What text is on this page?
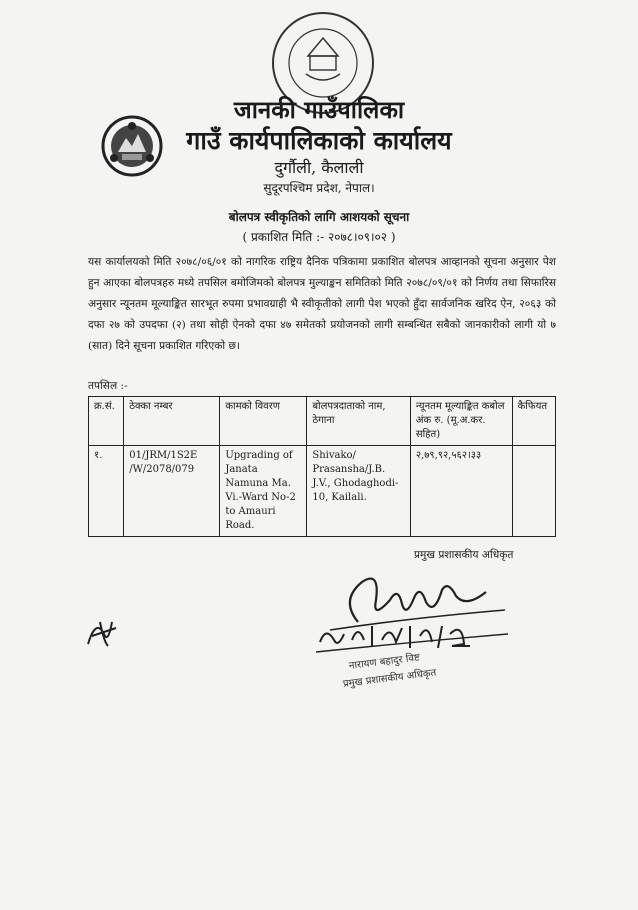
जानकी गाउँपालिका
गाउँ कार्यपालिकाको कार्यालय
दुर्गौली, कैलाली
सुदूरपश्चिम प्रदेश, नेपाल।
बोलपत्र स्वीकृतिको लागि आशयको सूचना
( प्रकाशित मिति :- २०७८।०९।०२ )
यस कार्यालयको मिति २०७८/०६/०१ को नागरिक राष्ट्रिय दैनिक पत्रिकामा प्रकाशित बोलपत्र आव्हानको सूचना अनुसार पेश हुन आएका बोलपत्रहरु मध्ये तपसिल बमोजिमको बोलपत्र मुल्याङ्कन समितिको मिति २०७८/०९/०१ को निर्णय तथा सिफारिस अनुसार न्यूनतम मूल्याङ्कित सारभूत रुपमा प्रभावग्राही भै स्वीकृतीको लागी पेश भएको हुँदा सार्वजनिक खरिद ऐन, २०६३ को दफा २७ को उपदफा (२) तथा सोही ऐनको दफा ४७ समेतको प्रयोजनको लागी सम्बन्धित सबैको जानकारीको लागी यो ७ (सात) दिने सूचना प्रकाशित गरिएको छ।
तपसिल :-
क्र.सं.	ठेक्का नम्बर	कामको विवरण	बोलपत्रदाताको नाम, ठेगाना	न्यूनतम मूल्याङ्कित कबोल अंक रु. (मू.अ.कर. सहित)	कैफियत
१.	01/JRM/1S2E /W/2078/079	Upgrading of Janata Namuna Ma. Vi.-Ward No-2 to Amauri Road.	Shivako/ Prasansha/J.B. J.V., Ghodaghodi-10, Kailali.	२,७९,९२,५६२।३३	
प्रमुख प्रशासकीय अधिकृत
नारायण बहादुर विष्ट
प्रमुख प्रशासकीय अधिकृत
